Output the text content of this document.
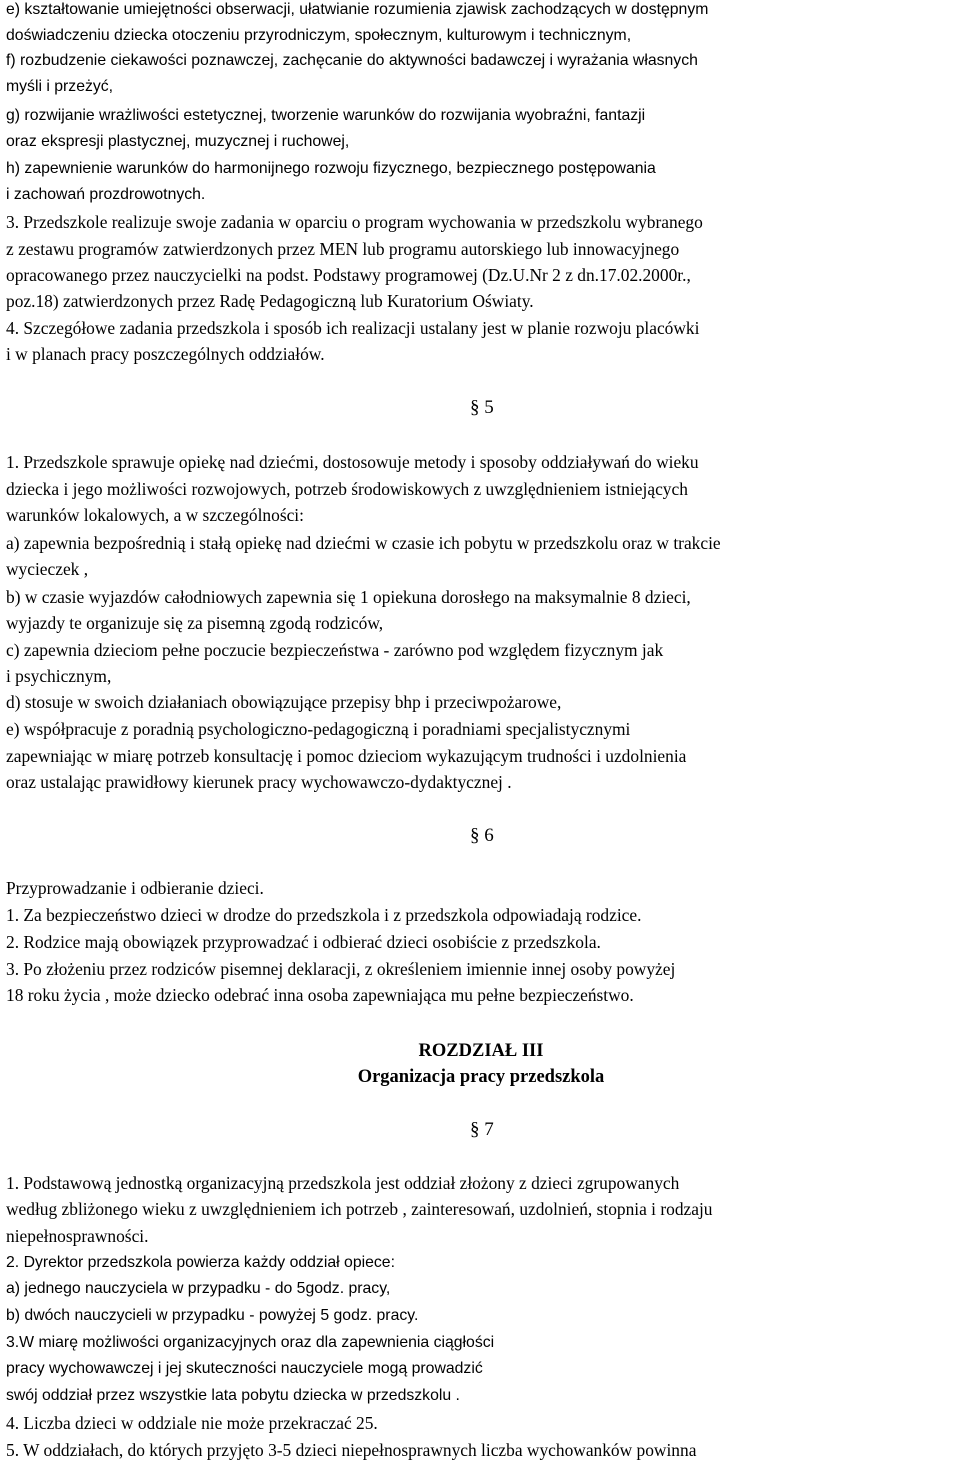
e) kształtowanie umiejętności obserwacji, ułatwianie rozumienia zjawisk zachodzących w dostępnym
doświadczeniu dziecka otoczeniu przyrodniczym, społecznym, kulturowym i technicznym,
f) rozbudzenie ciekawości poznawczej, zachęcanie do aktywności badawczej i wyrażania własnych
myśli i przeżyć,
g) rozwijanie wrażliwości estetycznej, tworzenie warunków do rozwijania wyobraźni, fantazji
oraz ekspresji plastycznej, muzycznej i ruchowej,
h) zapewnienie warunków do harmonijnego rozwoju fizycznego, bezpiecznego postępowania
i zachowań prozdrowotnych.
3. Przedszkole realizuje swoje zadania w oparciu o program wychowania w przedszkolu wybranego
z zestawu programów zatwierdzonych przez MEN lub programu autorskiego lub innowacyjnego
opracowanego przez nauczycielki na podst. Podstawy programowej (Dz.U.Nr 2 z dn.17.02.2000r.,
poz.18) zatwierdzonych przez Radę Pedagogiczną lub Kuratorium Oświaty.
4. Szczegółowe zadania przedszkola i sposób ich realizacji ustalany jest w planie rozwoju placówki
i w planach pracy poszczególnych oddziałów.
§ 5
1. Przedszkole sprawuje opiekę nad dziećmi, dostosowuje metody i sposoby oddziaływań do wieku
dziecka i jego możliwości rozwojowych, potrzeb środowiskowych z uwzględnieniem istniejących
warunków lokalowych, a w szczególności:
a) zapewnia bezpośrednią i stałą opiekę nad dziećmi w czasie ich pobytu w przedszkolu oraz w trakcie
wycieczek ,
b) w czasie wyjazdów całodniowych zapewnia się 1 opiekuna dorosłego na maksymalnie 8 dzieci,
wyjazdy te organizuje się za pisemną zgodą rodziców,
c) zapewnia dzieciom pełne poczucie bezpieczeństwa - zarówno pod względem fizycznym jak
i psychicznym,
d) stosuje w swoich działaniach obowiązujące przepisy bhp i przeciwpożarowe,
e) współpracuje z poradnią psychologiczno-pedagogiczną i poradniami specjalistycznymi
zapewniając w miarę potrzeb konsultację i pomoc dzieciom wykazującym trudności i uzdolnienia
oraz ustalając prawidłowy kierunek pracy wychowawczo-dydaktycznej .
§ 6
Przyprowadzanie i odbieranie dzieci.
1. Za bezpieczeństwo dzieci w drodze do przedszkola i z przedszkola odpowiadają rodzice.
2. Rodzice mają obowiązek przyprowadzać i odbierać dzieci osobiście z przedszkola.
3. Po złożeniu przez rodziców pisemnej deklaracji, z określeniem imiennie innej osoby powyżej
18 roku życia , może dziecko odebrać inna osoba zapewniająca mu pełne bezpieczeństwo.
ROZDZIAŁ III
Organizacja pracy przedszkola
§ 7
1. Podstawową jednostką organizacyjną przedszkola jest oddział złożony z dzieci zgrupowanych
według zbliżonego wieku z uwzględnieniem ich potrzeb , zainteresowań, uzdolnień, stopnia i rodzaju
niepełnosprawności.
2. Dyrektor przedszkola powierza każdy oddział opiece:
a) jednego nauczyciela w przypadku - do 5godz. pracy,
b) dwóch nauczycieli w przypadku - powyżej 5 godz. pracy.
3.W miarę możliwości organizacyjnych oraz dla zapewnienia ciągłości
pracy wychowawczej i jej skuteczności nauczyciele mogą prowadzić
swój oddział przez wszystkie lata pobytu dziecka w przedszkolu .
4. Liczba dzieci w oddziale nie może przekraczać 25.
5. W oddziałach, do których przyjęto 3-5 dzieci niepełnosprawnych liczba wychowanków powinna
